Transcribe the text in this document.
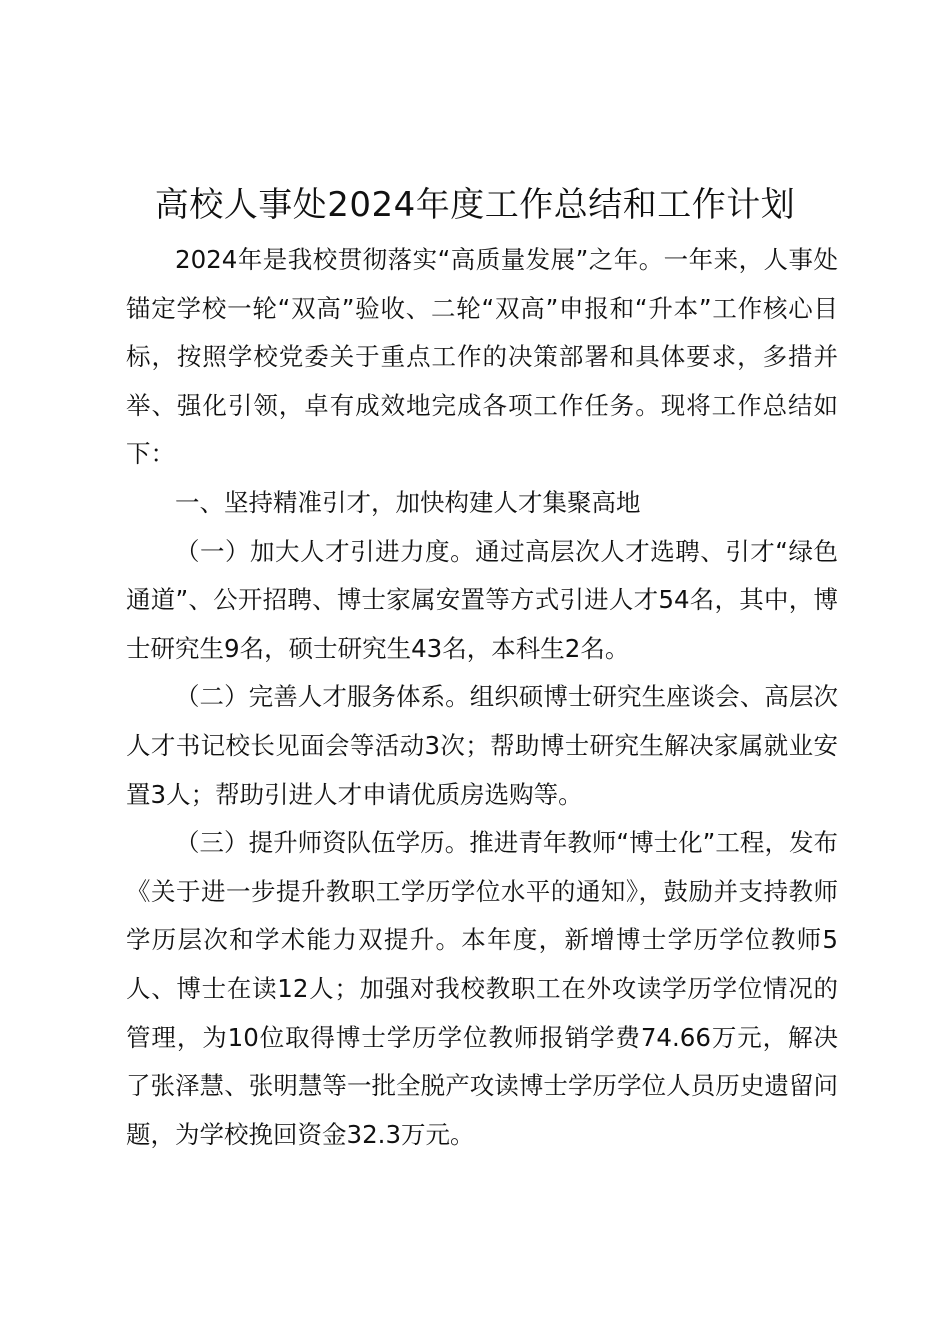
高校人事处2024年度工作总结和工作计划

2024年是我校贯彻落实“高质量发展”之年。一年来，人事处锚定学校一轮“双高”验收、二轮“双高”申报和“升本”工作核心目标，按照学校党委关于重点工作的决策部署和具体要求，多措并举、强化引领，卓有成效地完成各项工作任务。现将工作总结如下：

一、坚持精准引才，加快构建人才集聚高地

（一）加大人才引进力度。通过高层次人才选聘、引才“绿色通道”、公开招聘、博士家属安置等方式引进人才54名，其中，博士研究生9名，硕士研究生43名，本科生2名。

（二）完善人才服务体系。组织硕博士研究生座谈会、高层次人才书记校长见面会等活动3次；帮助博士研究生解决家属就业安置3人；帮助引进人才申请优质房选购等。

（三）提升师资队伍学历。推进青年教师“博士化”工程，发布《关于进一步提升教职工学历学位水平的通知》，鼓励并支持教师学历层次和学术能力双提升。本年度，新增博士学历学位教师5人、博士在读12人；加强对我校教职工在外攻读学历学位情况的管理，为10位取得博士学历学位教师报销学费74.66万元，解决了张泽慧、张明慧等一批全脱产攻读博士学历学位人员历史遗留问题，为学校挽回资金32.3万元。
